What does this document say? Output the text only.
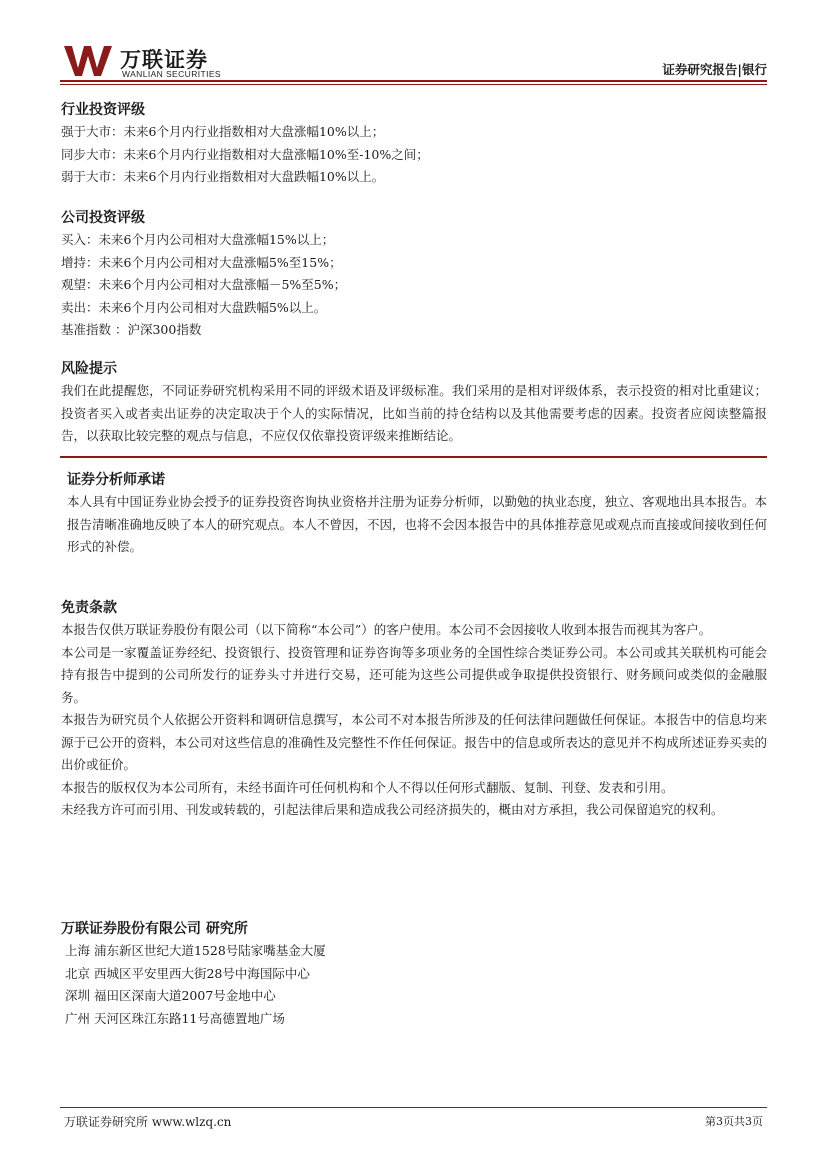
万联证券
WANLIAN SECURITIES	证券研究报告|银行
行业投资评级
强于大市：未来6个月内行业指数相对大盘涨幅10%以上；
同步大市：未来6个月内行业指数相对大盘涨幅10%至-10%之间；
弱于大市：未来6个月内行业指数相对大盘跌幅10%以上。
公司投资评级
买入：未来6个月内公司相对大盘涨幅15%以上；
增持：未来6个月内公司相对大盘涨幅5%至15%；
观望：未来6个月内公司相对大盘涨幅－5%至5%；
卖出：未来6个月内公司相对大盘跌幅5%以上。
基准指数 ：沪深300指数
风险提示
我们在此提醒您，不同证券研究机构采用不同的评级术语及评级标准。我们采用的是相对评级体系，表示投资的相对比重建议；投资者买入或者卖出证券的决定取决于个人的实际情况，比如当前的持仓结构以及其他需要考虑的因素。投资者应阅读整篇报告，以获取比较完整的观点与信息，不应仅仅依靠投资评级来推断结论。
证券分析师承诺
本人具有中国证券业协会授予的证券投资咨询执业资格并注册为证券分析师，以勤勉的执业态度，独立、客观地出具本报告。本报告清晰准确地反映了本人的研究观点。本人不曾因，不因，也将不会因本报告中的具体推荐意见或观点而直接或间接收到任何形式的补偿。
免责条款
本报告仅供万联证券股份有限公司（以下简称“本公司”）的客户使用。本公司不会因接收人收到本报告而视其为客户。
本公司是一家覆盖证券经纪、投资银行、投资管理和证券咨询等多项业务的全国性综合类证券公司。本公司或其关联机构可能会持有报告中提到的公司所发行的证券头寸并进行交易，还可能为这些公司提供或争取提供投资银行、财务顾问或类似的金融服务。
本报告为研究员个人依据公开资料和调研信息撰写，本公司不对本报告所涉及的任何法律问题做任何保证。本报告中的信息均来源于已公开的资料，本公司对这些信息的准确性及完整性不作任何保证。报告中的信息或所表达的意见并不构成所述证券买卖的出价或征价。
本报告的版权仅为本公司所有，未经书面许可任何机构和个人不得以任何形式翻版、复制、刊登、发表和引用。
未经我方许可而引用、刊发或转载的，引起法律后果和造成我公司经济损失的，概由对方承担，我公司保留追究的权利。
万联证券股份有限公司 研究所
上海 浦东新区世纪大道1528号陆家嘴基金大厦
北京 西城区平安里西大街28号中海国际中心
深圳 福田区深南大道2007号金地中心
广州 天河区珠江东路11号高德置地广场
万联证券研究所 www.wlzq.cn	第3页共3页
